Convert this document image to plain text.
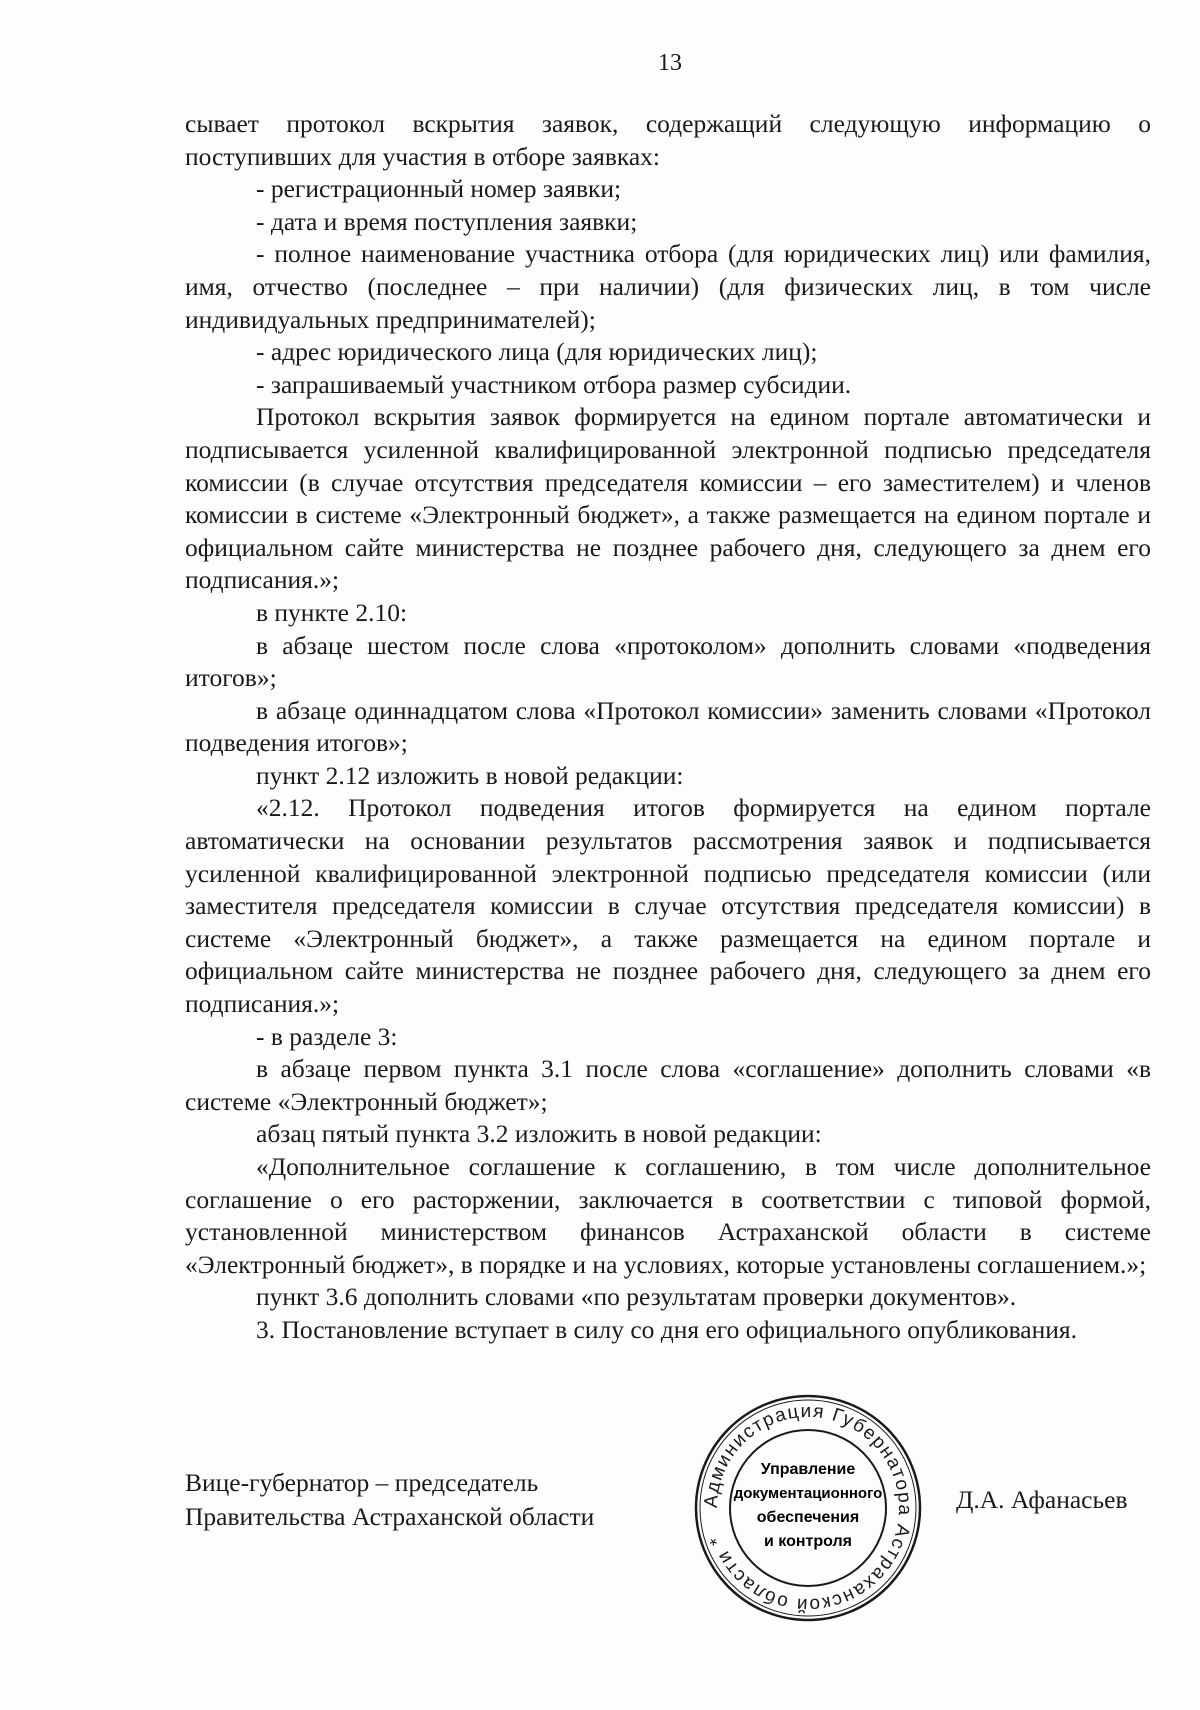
13

сывает протокол вскрытия заявок, содержащий следующую информацию о поступивших для участия в отборе заявках:

- регистрационный номер заявки;

- дата и время поступления заявки;

- полное наименование участника отбора (для юридических лиц) или фамилия, имя, отчество (последнее – при наличии) (для физических лиц, в том числе индивидуальных предпринимателей);

- адрес юридического лица (для юридических лиц);

- запрашиваемый участником отбора размер субсидии.

Протокол вскрытия заявок формируется на едином портале автоматически и подписывается усиленной квалифицированной электронной подписью председателя комиссии (в случае отсутствия председателя комиссии – его заместителем) и членов комиссии в системе «Электронный бюджет», а также размещается на едином портале и официальном сайте министерства не позднее рабочего дня, следующего за днем его подписания.»;

в пункте 2.10:

в абзаце шестом после слова «протоколом» дополнить словами «подведения итогов»;

в абзаце одиннадцатом слова «Протокол комиссии» заменить словами «Протокол подведения итогов»;

пункт 2.12 изложить в новой редакции:

«2.12. Протокол подведения итогов формируется на едином портале автоматически на основании результатов рассмотрения заявок и подписывается усиленной квалифицированной электронной подписью председателя комиссии (или заместителя председателя комиссии в случае отсутствия председателя комиссии) в системе «Электронный бюджет», а также размещается на едином портале и официальном сайте министерства не позднее рабочего дня, следующего за днем его подписания.»;

- в разделе 3:

в абзаце первом пункта 3.1 после слова «соглашение» дополнить словами «в системе «Электронный бюджет»;

абзац пятый пункта 3.2 изложить в новой редакции:

«Дополнительное соглашение к соглашению, в том числе дополнительное соглашение о его расторжении, заключается в соответствии с типовой формой, установленной министерством финансов Астраханской области в системе «Электронный бюджет», в порядке и на условиях, которые установлены соглашением.»;

пункт 3.6 дополнить словами «по результатам проверки документов».

3. Постановление вступает в силу со дня его официального опубликования.

Вице-губернатор – председатель
Правительства Астраханской области
Д.А. Афанасьев
Администрация Губернатора Астраханской области *
Управление
документационного
обеспечения
и контроля
